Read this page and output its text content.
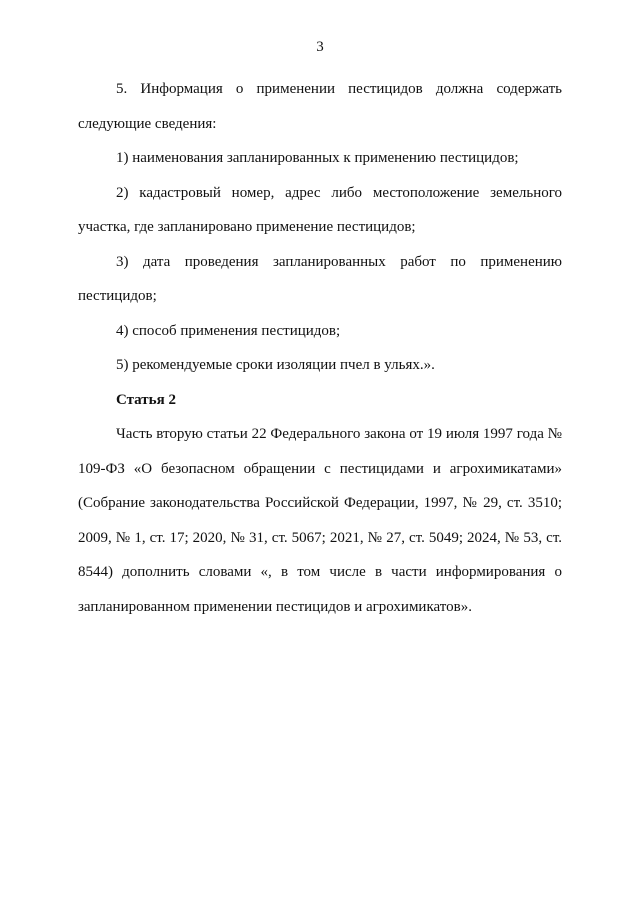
3

5. Информация о применении пестицидов должна содержать следующие сведения:

1) наименования запланированных к применению пестицидов;

2) кадастровый номер, адрес либо местоположение земельного участка, где запланировано применение пестицидов;

3) дата проведения запланированных работ по применению пестицидов;

4) способ применения пестицидов;

5) рекомендуемые сроки изоляции пчел в ульях.».

Статья 2

Часть вторую статьи 22 Федерального закона от 19 июля 1997 года № 109-ФЗ «О безопасном обращении с пестицидами и агрохимикатами» (Собрание законодательства Российской Федерации, 1997, № 29, ст. 3510; 2009, № 1, ст. 17; 2020, № 31, ст. 5067; 2021, № 27, ст. 5049; 2024, № 53, ст. 8544) дополнить словами «, в том числе в части информирования о запланированном применении пестицидов и агрохимикатов».
